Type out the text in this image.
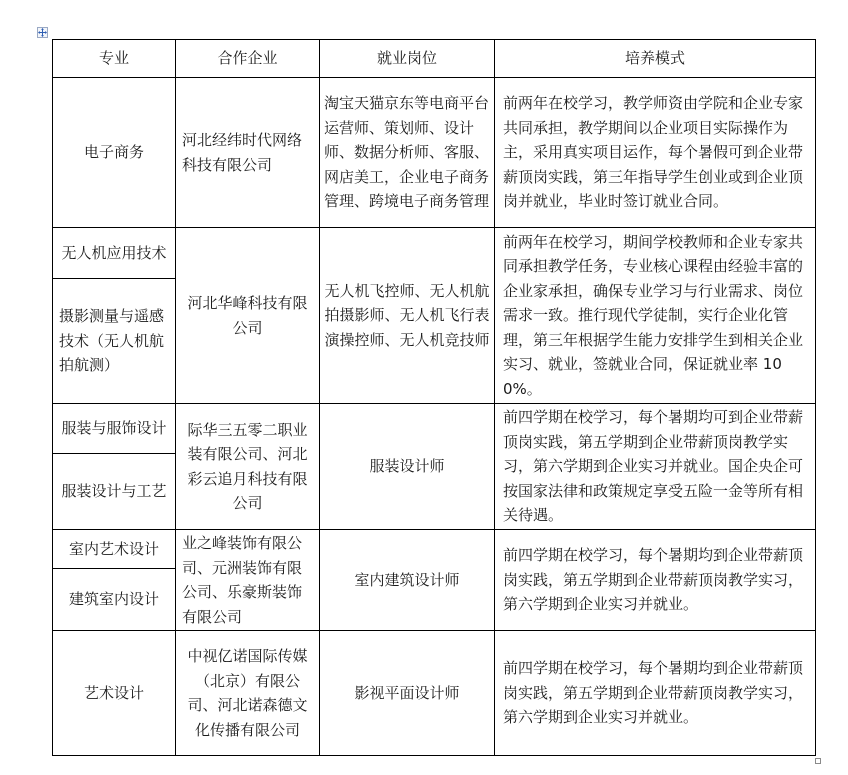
专业	合作企业	就业岗位	培养模式
电子商务	河北经纬时代网络科技有限公司	淘宝天猫京东等电商平台运营师、策划师、设计师、数据分析师、客服、网店美工，企业电子商务管理、跨境电子商务管理	前两年在校学习，教学师资由学院和企业专家共同承担，教学期间以企业项目实际操作为主，采用真实项目运作，每个暑假可到企业带薪顶岗实践，第三年指导学生创业或到企业顶岗并就业，毕业时签订就业合同。
无人机应用技术	河北华峰科技有限公司	无人机飞控师、无人机航拍摄影师、无人机飞行表演操控师、无人机竞技师	前两年在校学习，期间学校教师和企业专家共同承担教学任务，专业核心课程由经验丰富的企业家承担，确保专业学习与行业需求、岗位需求一致。推行现代学徒制，实行企业化管理，第三年根据学生能力安排学生到相关企业实习、就业，签就业合同，保证就业率 100%。
摄影测量与遥感技术（无人机航拍航测）			
服装与服饰设计	际华三五零二职业装有限公司、河北彩云追月科技有限公司	服装设计师	前四学期在校学习，每个暑期均可到企业带薪顶岗实践，第五学期到企业带薪顶岗教学实习，第六学期到企业实习并就业。国企央企可按国家法律和政策规定享受五险一金等所有相关待遇。
服装设计与工艺			
室内艺术设计	业之峰装饰有限公司、元洲装饰有限公司、乐豪斯装饰有限公司	室内建筑设计师	前四学期在校学习，每个暑期均到企业带薪顶岗实践，第五学期到企业带薪顶岗教学实习，第六学期到企业实习并就业。
建筑室内设计			
艺术设计	中视亿诺国际传媒（北京）有限公司、河北诺森德文化传播有限公司	影视平面设计师	前四学期在校学习，每个暑期均到企业带薪顶岗实践，第五学期到企业带薪顶岗教学实习，第六学期到企业实习并就业。
